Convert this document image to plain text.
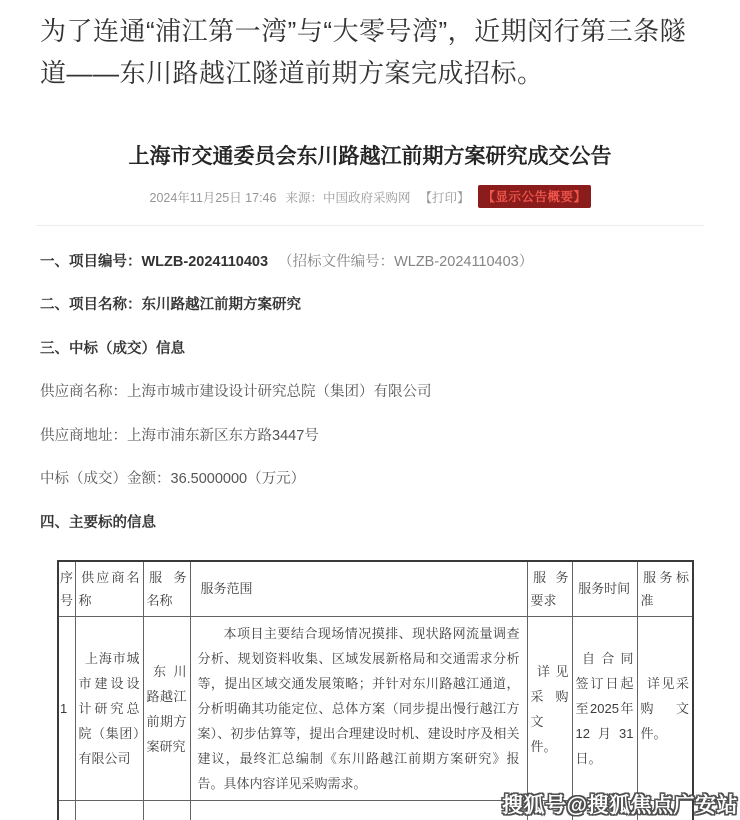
为了连通“浦江第一湾”与“大零号湾”，近期闵行第三条隧道——东川路越江隧道前期方案完成招标。

上海市交通委员会东川路越江前期方案研究成交公告
2024年11月25日 17:46 来源：中国政府采购网 【打印】	【显示公告概要】

一、项目编号：WLZB-2024110403 （招标文件编号：WLZB-2024110403）

二、项目名称：东川路越江前期方案研究

三、中标（成交）信息

供应商名称：上海市城市建设设计研究总院（集团）有限公司

供应商地址：上海市浦东新区东方路3447号

中标（成交）金额：36.5000000（万元）

四、主要标的信息

序号	供应商名称	服务名称	服务范围	服务要求	服务时间	服务标准
1	上海市城市建设设计研究总院（集团）有限公司	东川路越江前期方案研究	本项目主要结合现场情况摸排、现状路网流量调查分析、规划资料收集、区域发展新格局和交通需求分析等，提出区域交通发展策略；并针对东川路越江通道，分析明确其功能定位、总体方案（同步提出慢行越江方案）、初步估算等，提出合理建设时机、建设时序及相关建议，最终汇总编制《东川路越江前期方案研究》报告。具体内容详见采购需求。	详见采购文件。	自合同签订日起至2025年12月31日。	详见采购文件。

搜狐号@搜狐焦点广安站
